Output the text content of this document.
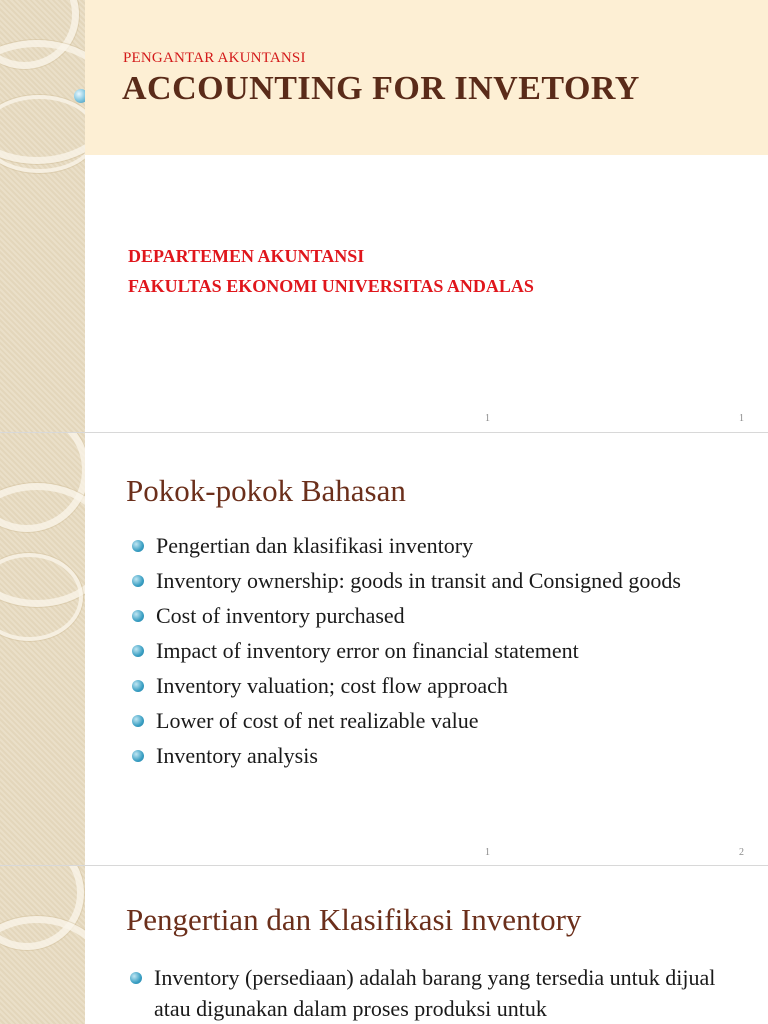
PENGANTAR AKUNTANSI
ACCOUNTING FOR INVETORY
DEPARTEMEN AKUNTANSI
FAKULTAS EKONOMI UNIVERSITAS ANDALAS
1	1
Pokok-pokok Bahasan
Pengertian dan klasifikasi inventory
Inventory ownership: goods in transit and Consigned goods
Cost of inventory purchased
Impact of inventory error on financial statement
Inventory valuation; cost flow approach
Lower of cost of net realizable value
Inventory analysis
1	2
Pengertian dan Klasifikasi Inventory
Inventory (persediaan) adalah barang yang tersedia untuk dijual atau digunakan dalam proses produksi untuk
